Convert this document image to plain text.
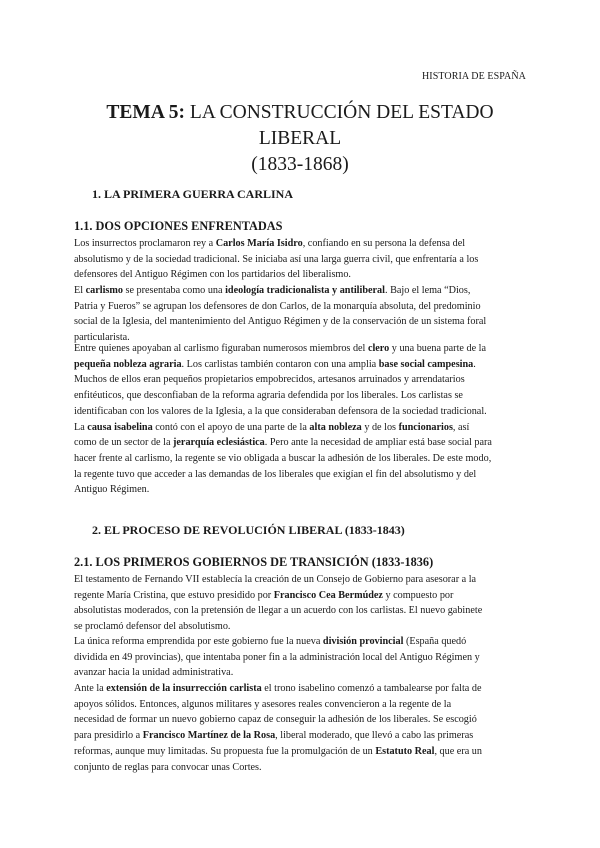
HISTORIA DE ESPAÑA
TEMA 5: LA CONSTRUCCIÓN DEL ESTADO LIBERAL
(1833-1868)
1. LA PRIMERA GUERRA CARLINA
1.1. DOS OPCIONES ENFRENTADAS
Los insurrectos proclamaron rey a Carlos María Isidro, confiando en su persona la defensa del
absolutismo y de la sociedad tradicional. Se iniciaba así una larga guerra civil, que enfrentaría a los
defensores del Antiguo Régimen con los partidarios del liberalismo.
El carlismo se presentaba como una ideología tradicionalista y antiliberal. Bajo el lema “Dios,
Patria y Fueros” se agrupan los defensores de don Carlos, de la monarquía absoluta, del predominio
social de la Iglesia, del mantenimiento del Antiguo Régimen y de la conservación de un sistema foral
particularista.
Entre quienes apoyaban al carlismo figuraban numerosos miembros del clero y una buena parte de la
pequeña nobleza agraria. Los carlistas también contaron con una amplia base social campesina.
Muchos de ellos eran pequeños propietarios empobrecidos, artesanos arruinados y arrendatarios
enfitéuticos, que desconfiaban de la reforma agraria defendida por los liberales. Los carlistas se
identificaban con los valores de la Iglesia, a la que consideraban defensora de la sociedad tradicional.
La causa isabelina contó con el apoyo de una parte de la alta nobleza y de los funcionarios, así
como de un sector de la jerarquía eclesiástica. Pero ante la necesidad de ampliar está base social para
hacer frente al carlismo, la regente se vio obligada a buscar la adhesión de los liberales. De este modo,
la regente tuvo que acceder a las demandas de los liberales que exigían el fin del absolutismo y del
Antiguo Régimen.
2. EL PROCESO DE REVOLUCIÓN LIBERAL (1833-1843)
2.1. LOS PRIMEROS GOBIERNOS DE TRANSICIÓN (1833-1836)
El testamento de Fernando VII establecía la creación de un Consejo de Gobierno para asesorar a la
regente María Cristina, que estuvo presidido por Francisco Cea Bermúdez y compuesto por
absolutistas moderados, con la pretensión de llegar a un acuerdo con los carlistas. El nuevo gabinete
se proclamó defensor del absolutismo.
La única reforma emprendida por este gobierno fue la nueva división provincial (España quedó
dividida en 49 provincias), que intentaba poner fin a la administración local del Antiguo Régimen y
avanzar hacia la unidad administrativa.
Ante la extensión de la insurrección carlista el trono isabelino comenzó a tambalearse por falta de
apoyos sólidos. Entonces, algunos militares y asesores reales convencieron a la regente de la
necesidad de formar un nuevo gobierno capaz de conseguir la adhesión de los liberales. Se escogió
para presidirlo a Francisco Martínez de la Rosa, liberal moderado, que llevó a cabo las primeras
reformas, aunque muy limitadas. Su propuesta fue la promulgación de un Estatuto Real, que era un
conjunto de reglas para convocar unas Cortes.
